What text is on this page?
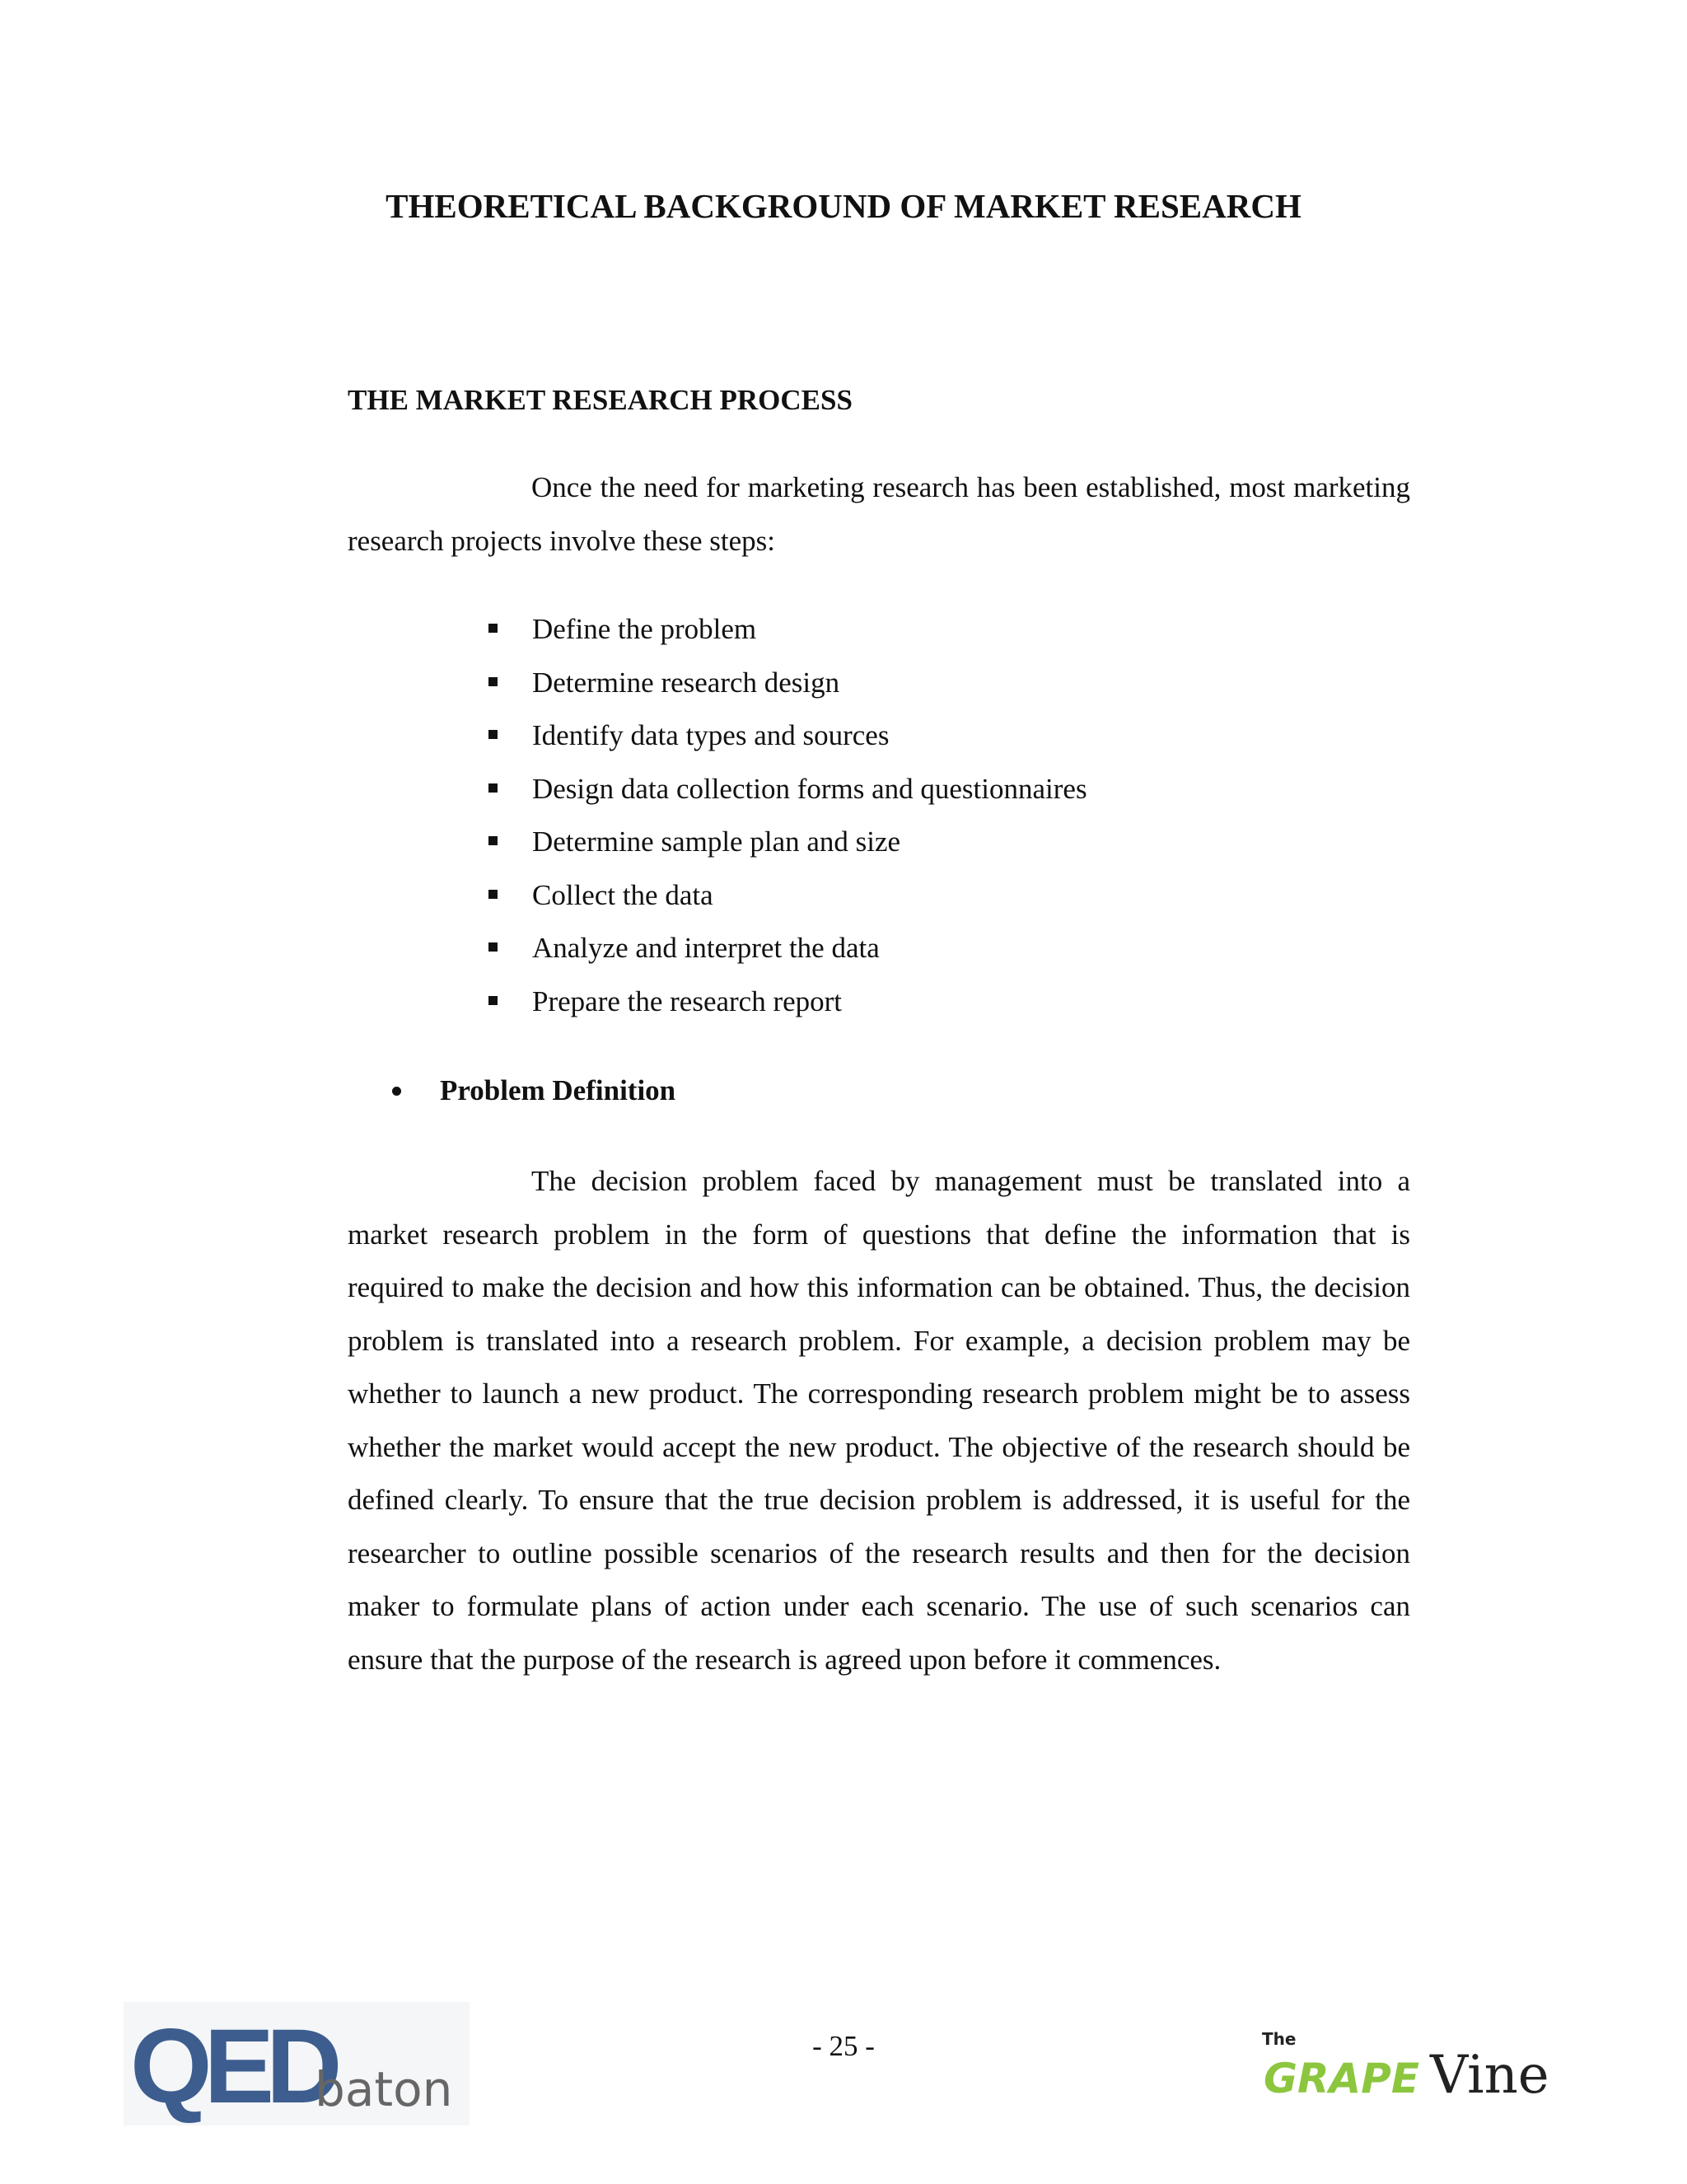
THEORETICAL BACKGROUND OF MARKET RESEARCH
THE MARKET RESEARCH PROCESS

Once the need for marketing research has been established, most marketing research projects involve these steps:

Define the problem
Determine research design
Identify data types and sources
Design data collection forms and questionnaires
Determine sample plan and size
Collect the data
Analyze and interpret the data
Prepare the research report
Problem Definition

The decision problem faced by management must be translated into a market research problem in the form of questions that define the information that is required to make the decision and how this information can be obtained. Thus, the decision problem is translated into a research problem. For example, a decision problem may be whether to launch a new product. The corresponding research problem might be to assess whether the market would accept the new product. The objective of the research should be defined clearly. To ensure that the true decision problem is addressed, it is useful for the researcher to outline possible scenarios of the research results and then for the decision maker to formulate plans of action under each scenario. The use of such scenarios can ensure that the purpose of the research is agreed upon before it commences.

QED
baton
- 25 -	The
GRAPE Vine
